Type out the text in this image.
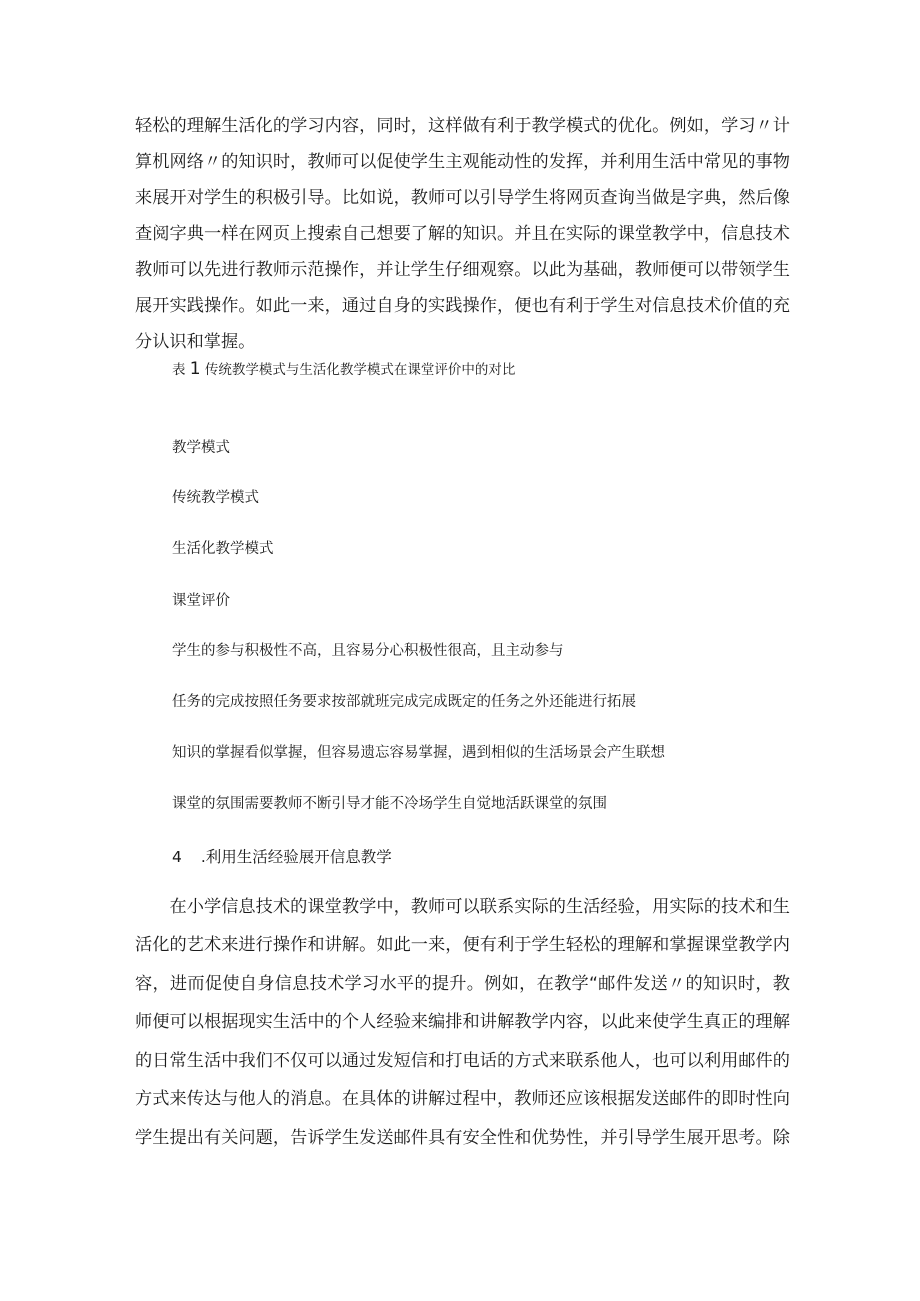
轻松的理解生活化的学习内容，同时，这样做有利于教学模式的优化。例如，学习〃计
算机网络〃的知识时，教师可以促使学生主观能动性的发挥，并利用生活中常见的事物
来展开对学生的积极引导。比如说，教师可以引导学生将网页查询当做是字典，然后像
查阅字典一样在网页上搜索自己想要了解的知识。并且在实际的课堂教学中，信息技术
教师可以先进行教师示范操作，并让学生仔细观察。以此为基础，教师便可以带领学生
展开实践操作。如此一来，通过自身的实践操作，便也有利于学生对信息技术价值的充
分认识和掌握。
表 1 传统教学模式与生活化教学模式在课堂评价中的对比
教学模式
传统教学模式
生活化教学模式
课堂评价
学生的参与积极性不高，且容易分心积极性很高，且主动参与
任务的完成按照任务要求按部就班完成完成既定的任务之外还能进行拓展
知识的掌握看似掌握，但容易遗忘容易掌握，遇到相似的生活场景会产生联想
课堂的氛围需要教师不断引导才能不冷场学生自觉地活跃课堂的氛围
4 .利用生活经验展开信息教学
　　在小学信息技术的课堂教学中，教师可以联系实际的生活经验，用实际的技术和生
活化的艺术来进行操作和讲解。如此一来，便有利于学生轻松的理解和掌握课堂教学内
容，进而促使自身信息技术学习水平的提升。例如，在教学“邮件发送〃的知识时，教
师便可以根据现实生活中的个人经验来编排和讲解教学内容，以此来使学生真正的理解
的日常生活中我们不仅可以通过发短信和打电话的方式来联系他人，也可以利用邮件的
方式来传达与他人的消息。在具体的讲解过程中，教师还应该根据发送邮件的即时性向
学生提出有关问题，告诉学生发送邮件具有安全性和优势性，并引导学生展开思考。除
